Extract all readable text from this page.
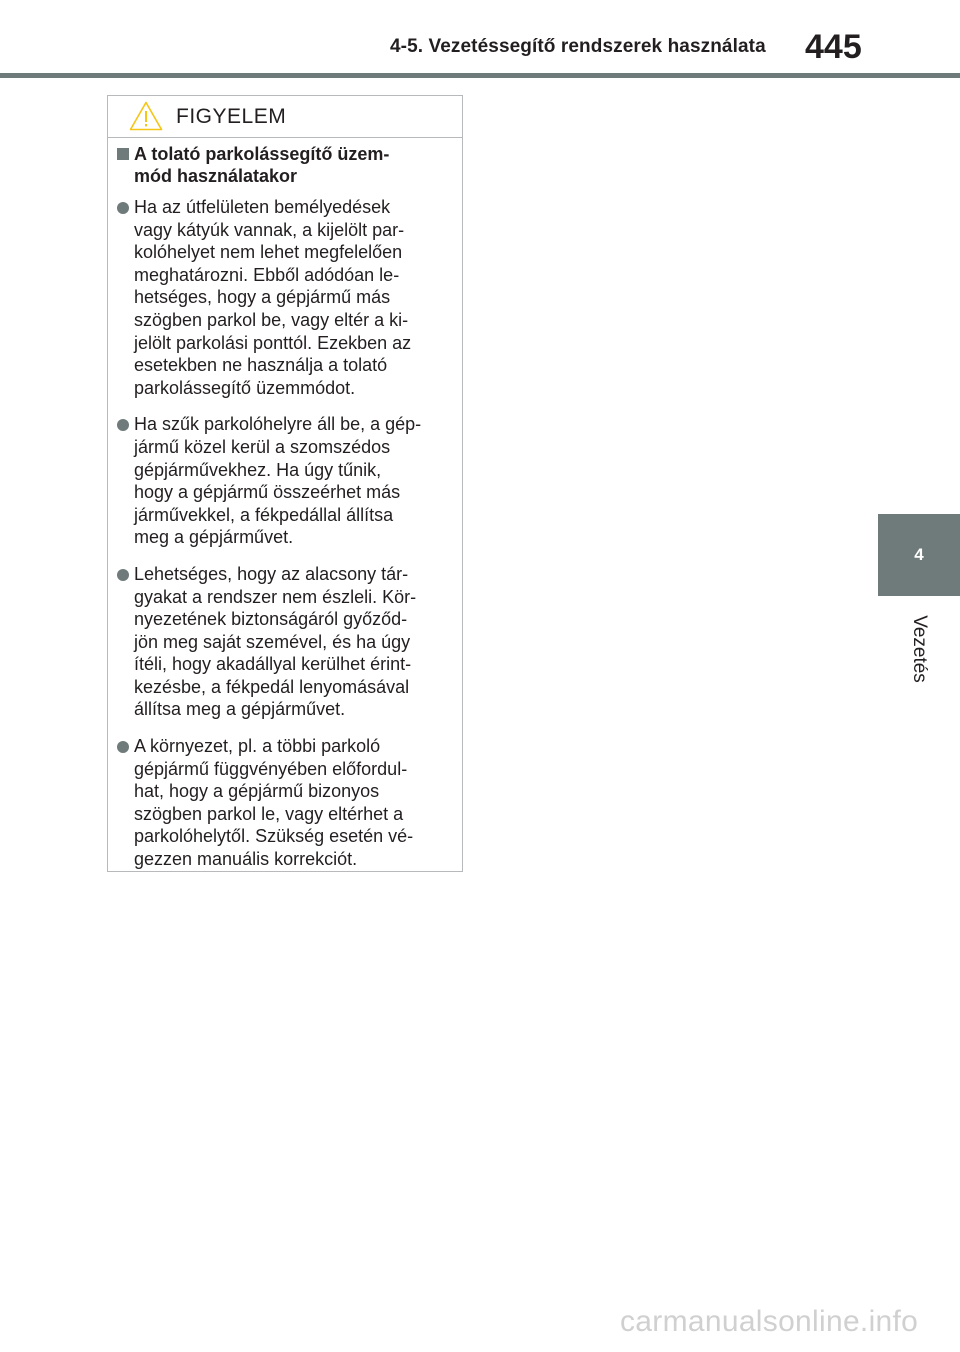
4-5. Vezetéssegítő rendszerek használata	445
4
Vezetés
FIGYELEM
A tolató parkolássegítő üzem-
mód használatakor
Ha az útfelületen bemélyedések
vagy kátyúk vannak, a kijelölt par-
kolóhelyet nem lehet megfelelően
meghatározni. Ebből adódóan le-
hetséges, hogy a gépjármű más
szögben parkol be, vagy eltér a ki-
jelölt parkolási ponttól. Ezekben az
esetekben ne használja a tolató
parkolássegítő üzemmódot.
Ha szűk parkolóhelyre áll be, a gép-
jármű közel kerül a szomszédos
gépjárművekhez. Ha úgy tűnik,
hogy a gépjármű összeérhet más
járművekkel, a fékpedállal állítsa
meg a gépjárművet.
Lehetséges, hogy az alacsony tár-
gyakat a rendszer nem észleli. Kör-
nyezetének biztonságáról győződ-
jön meg saját szemével, és ha úgy
ítéli, hogy akadállyal kerülhet érint-
kezésbe, a fékpedál lenyomásával
állítsa meg a gépjárművet.
A környezet, pl. a többi parkoló
gépjármű függvényében előfordul-
hat, hogy a gépjármű bizonyos
szögben parkol le, vagy eltérhet a
parkolóhelytől. Szükség esetén vé-
gezzen manuális korrekciót.
carmanualsonline.info
